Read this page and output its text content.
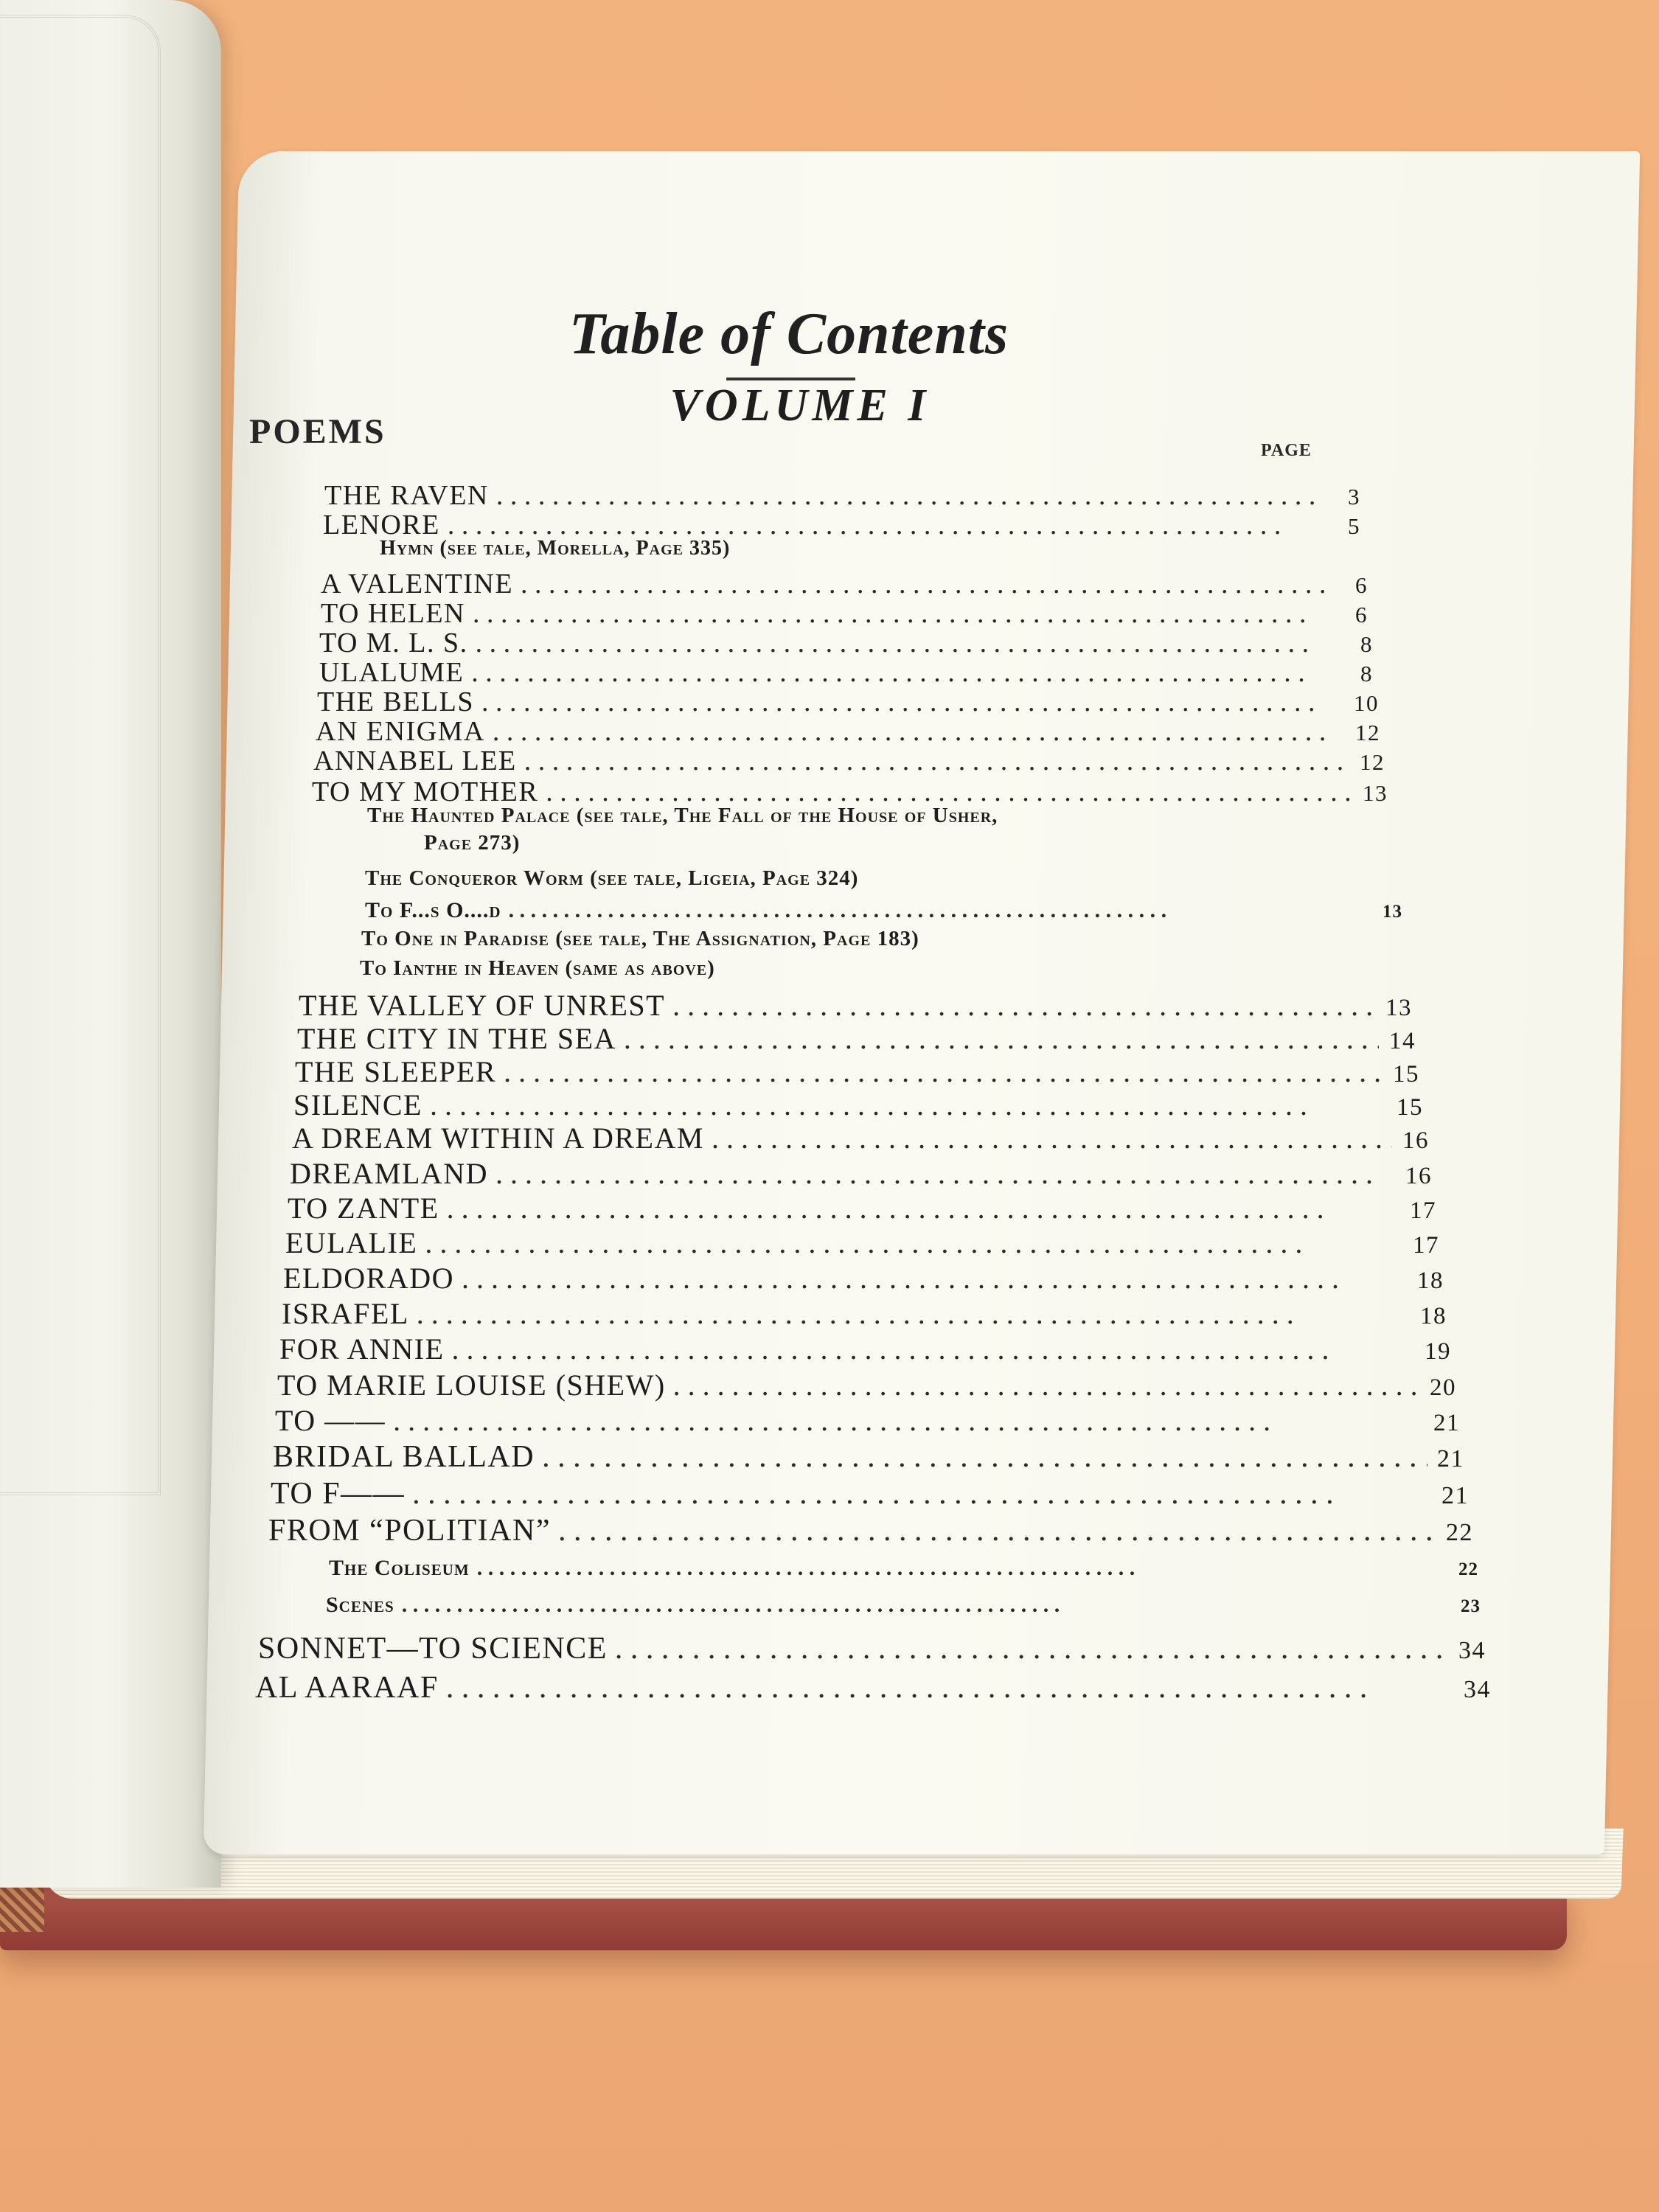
Table of Contents
VOLUME I
POEMS	PAGE
THE RAVEN . . .	3
LENORE . . .	5
Hymn (see tale, Morella, Page 335)
A VALENTINE . . .	6
TO HELEN . . .	6
TO M. L. S. . . .	8
ULALUME . . .	8
THE BELLS . . .	10
AN ENIGMA . . .	12
ANNABEL LEE . . .	12
TO MY MOTHER . . .	13
The Haunted Palace (see tale, The Fall of the House of Usher,
Page 273)
The Conqueror Worm (see tale, Ligeia, Page 324)
To F...s O....d . . .	13
To One in Paradise (see tale, The Assignation, Page 183)
To Ianthe in Heaven (same as above)
THE VALLEY OF UNREST . . .	13
THE CITY IN THE SEA . . .	14
THE SLEEPER . . .	15
SILENCE . . .	15
A DREAM WITHIN A DREAM . . .	16
DREAMLAND . . .	16
TO ZANTE . . .	17
EULALIE . . .	17
ELDORADO . . .	18
ISRAFEL . . .	18
FOR ANNIE . . .	19
TO MARIE LOUISE (SHEW) . . .	20
TO —— . . .	21
BRIDAL BALLAD . . .	21
TO F—— . . .	21
FROM “POLITIAN” . . .	22
The Coliseum . . .	22
Scenes . . .	23
SONNET—TO SCIENCE . . .	34
AL AARAAF . . .	34
